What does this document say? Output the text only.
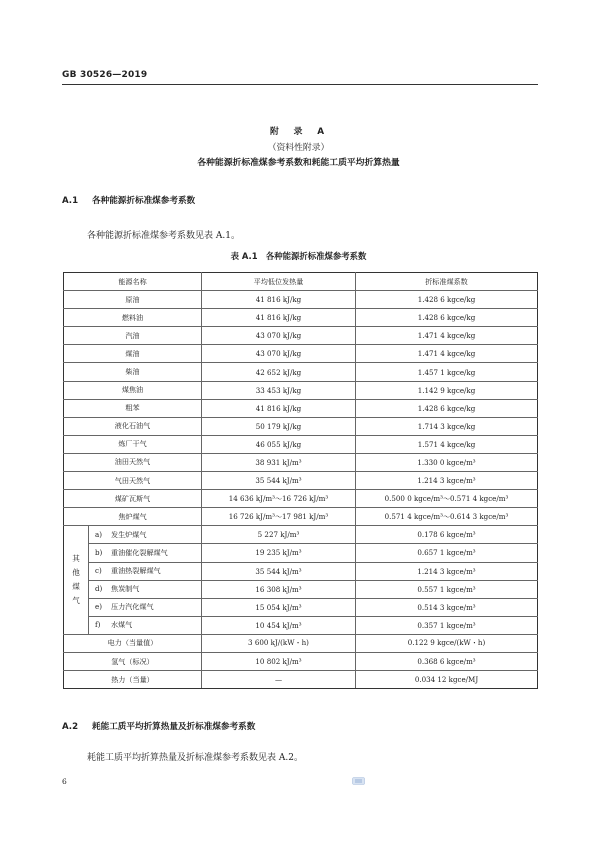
GB 30526—2019
附　录　A
（资料性附录）
各种能源折标准煤参考系数和耗能工质平均折算热量
A.1 各种能源折标准煤参考系数
各种能源折标准煤参考系数见表 A.1。
表 A.1　各种能源折标准煤参考系数
能源名称		平均低位发热量	折标准煤系数
原油		41 816 kJ/kg	1.428 6 kgce/kg
燃料油		41 816 kJ/kg	1.428 6 kgce/kg
汽油		43 070 kJ/kg	1.471 4 kgce/kg
煤油		43 070 kJ/kg	1.471 4 kgce/kg
柴油		42 652 kJ/kg	1.457 1 kgce/kg
煤焦油		33 453 kJ/kg	1.142 9 kgce/kg
粗苯		41 816 kJ/kg	1.428 6 kgce/kg
液化石油气		50 179 kJ/kg	1.714 3 kgce/kg
炼厂干气		46 055 kJ/kg	1.571 4 kgce/kg
油田天然气		38 931 kJ/m³	1.330 0 kgce/m³
气田天然气		35 544 kJ/m³	1.214 3 kgce/m³
煤矿瓦斯气		14 636 kJ/m³～16 726 kJ/m³	0.500 0 kgce/m³～0.571 4 kgce/m³
焦炉煤气		16 726 kJ/m³～17 981 kJ/m³	0.571 4 kgce/m³～0.614 3 kgce/m³

其
他
煤
气	a) 发生炉煤气	5 227 kJ/m³	0.178 6 kgce/m³
	b) 重油催化裂解煤气	19 235 kJ/m³	0.657 1 kgce/m³
	c) 重油热裂解煤气	35 544 kJ/m³	1.214 3 kgce/m³
	d) 焦炭制气	16 308 kJ/m³	0.557 1 kgce/m³
	e) 压力汽化煤气	15 054 kJ/m³	0.514 3 kgce/m³
	f) 水煤气	10 454 kJ/m³	0.357 1 kgce/m³
电力（当量值）		3 600 kJ/(kW・h)	0.122 9 kgce/(kW・h)
氢气（标况）		10 802 kJ/m³	0.368 6 kgce/m³
热力（当量）		—	0.034 12 kgce/MJ
A.2 耗能工质平均折算热量及折标准煤参考系数
耗能工质平均折算热量及折标准煤参考系数见表 A.2。
6
